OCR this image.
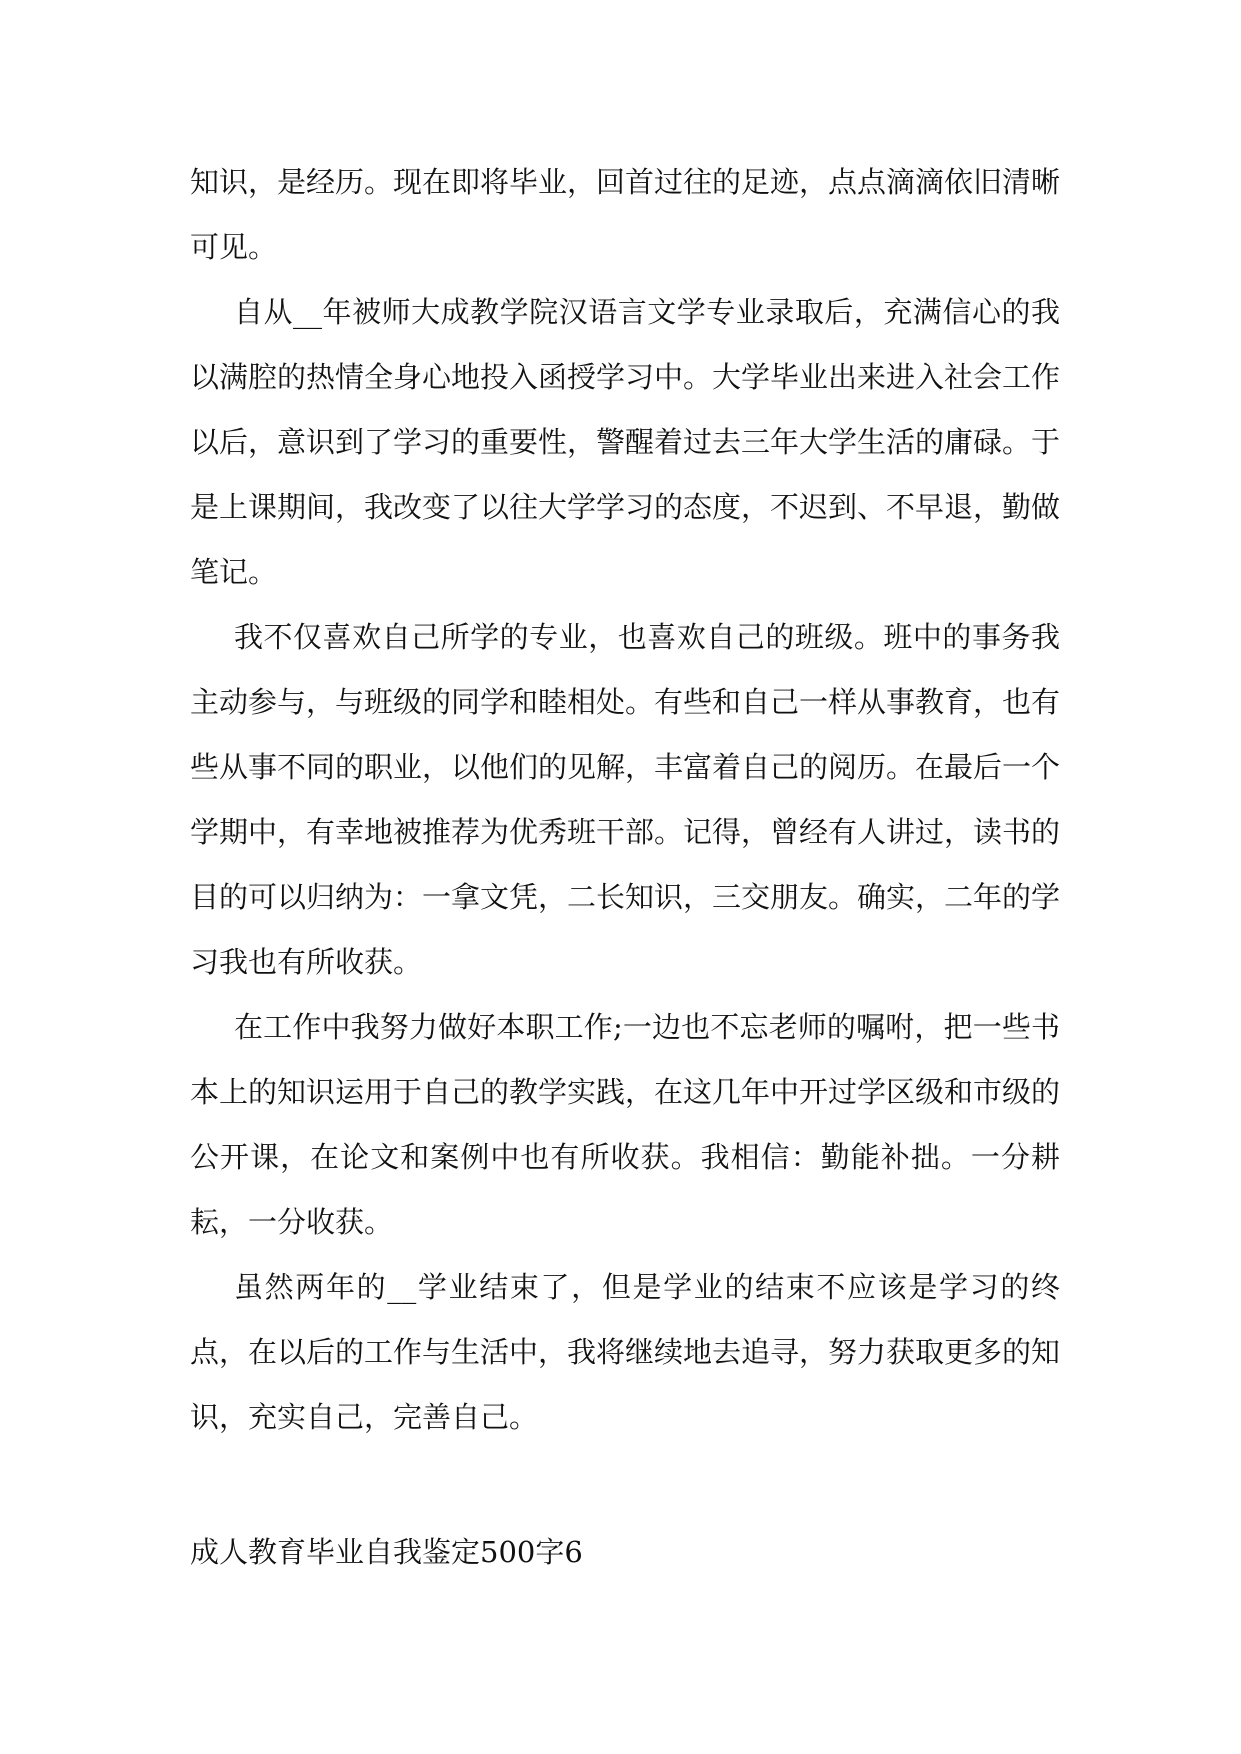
知识，是经历。现在即将毕业，回首过往的足迹，点点滴滴依旧清晰可见。

自从__年被师大成教学院汉语言文学专业录取后，充满信心的我以满腔的热情全身心地投入函授学习中。大学毕业出来进入社会工作以后，意识到了学习的重要性，警醒着过去三年大学生活的庸碌。于是上课期间，我改变了以往大学学习的态度，不迟到、不早退，勤做笔记。

我不仅喜欢自己所学的专业，也喜欢自己的班级。班中的事务我主动参与，与班级的同学和睦相处。有些和自己一样从事教育，也有些从事不同的职业，以他们的见解，丰富着自己的阅历。在最后一个学期中，有幸地被推荐为优秀班干部。记得，曾经有人讲过，读书的目的可以归纳为：一拿文凭，二长知识，三交朋友。确实，二年的学习我也有所收获。

在工作中我努力做好本职工作;一边也不忘老师的嘱咐，把一些书本上的知识运用于自己的教学实践，在这几年中开过学区级和市级的公开课，在论文和案例中也有所收获。我相信：勤能补拙。一分耕耘，一分收获。

虽然两年的__学业结束了，但是学业的结束不应该是学习的终点，在以后的工作与生活中，我将继续地去追寻，努力获取更多的知识，充实自己，完善自己。

成人教育毕业自我鉴定500字6
